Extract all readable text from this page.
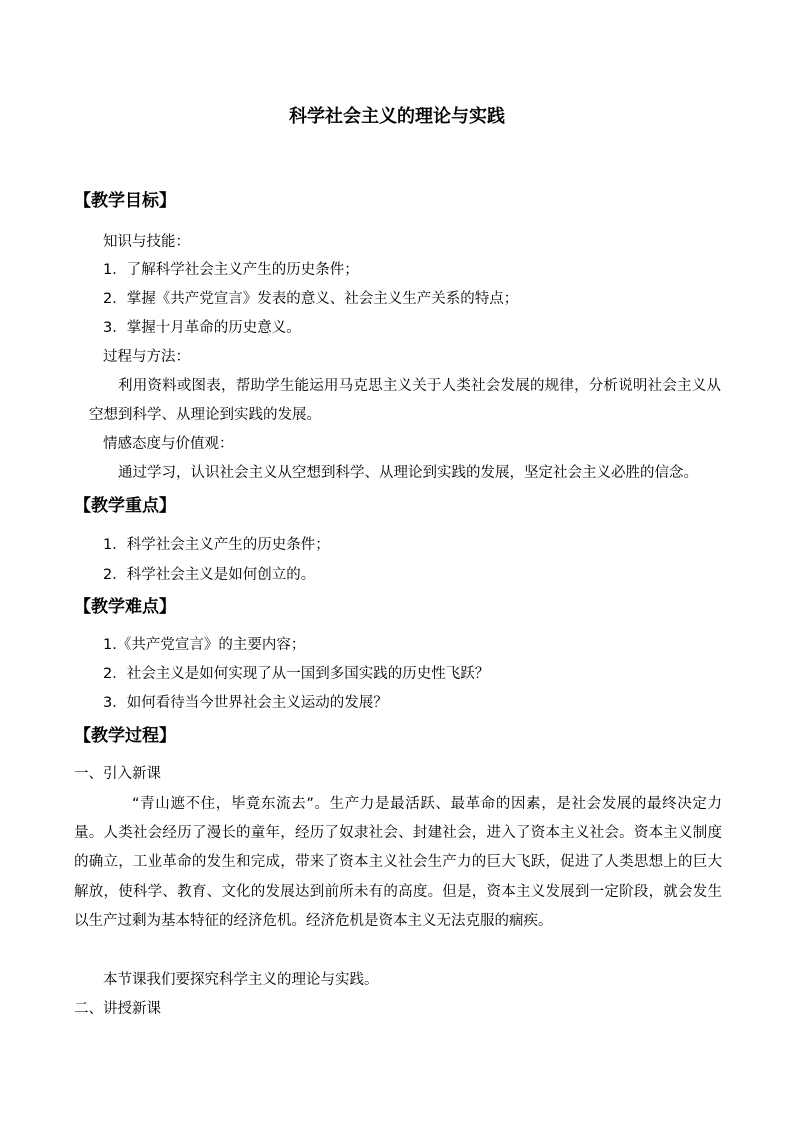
科学社会主义的理论与实践
【教学目标】
知识与技能：
1．了解科学社会主义产生的历史条件；
2．掌握《共产党宣言》发表的意义、社会主义生产关系的特点；
3．掌握十月革命的历史意义。
过程与方法：
利用资料或图表，帮助学生能运用马克思主义关于人类社会发展的规律，分析说明社会主义从空想到科学、从理论到实践的发展。
情感态度与价值观：
通过学习，认识社会主义从空想到科学、从理论到实践的发展，坚定社会主义必胜的信念。
【教学重点】
1．科学社会主义产生的历史条件；
2．科学社会主义是如何创立的。
【教学难点】
1.《共产党宣言》的主要内容；
2．社会主义是如何实现了从一国到多国实践的历史性飞跃？
3．如何看待当今世界社会主义运动的发展？
【教学过程】
一、引入新课
“青山遮不住，毕竟东流去”。生产力是最活跃、最革命的因素，是社会发展的最终决定力量。人类社会经历了漫长的童年，经历了奴隶社会、封建社会，进入了资本主义社会。资本主义制度的确立，工业革命的发生和完成，带来了资本主义社会生产力的巨大飞跃，促进了人类思想上的巨大解放，使科学、教育、文化的发展达到前所未有的高度。但是，资本主义发展到一定阶段，就会发生以生产过剩为基本特征的经济危机。经济危机是资本主义无法克服的痼疾。
本节课我们要探究科学主义的理论与实践。
二、讲授新课
